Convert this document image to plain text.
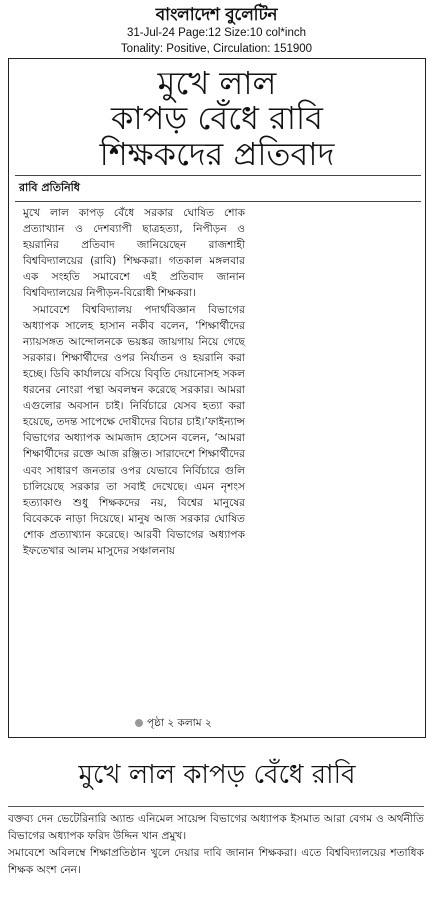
বাংলাদেশ বুলেটিন
31-Jul-24 Page:12 Size:10 col*inch
Tonality: Positive, Circulation: 151900
মুখে লাল
কাপড় বেঁধে রাবি
শিক্ষকদের প্রতিবাদ
রাবি প্রতিনিধি

মুখে লাল কাপড় বেঁধে সরকার ঘোষিত শোক প্রত্যাখ্যান ও দেশব্যাপী ছাত্রহত্যা, নিপীড়ন ও হয়রানির প্রতিবাদ জানিয়েছেন রাজশাহী বিশ্ববিদ্যালয়ের (রাবি) শিক্ষকরা। গতকাল মঙ্গলবার এক সংহতি সমাবেশে এই প্রতিবাদ জানান বিশ্ববিদ্যালয়ের নিপীড়ন-বিরোধী শিক্ষকরা।

সমাবেশে বিশ্ববিদ্যালয় পদার্থবিজ্ঞান বিভাগের অধ্যাপক সালেহ হাসান নকীব বলেন, ‘শিক্ষার্থীদের ন্যায়সঙ্গত আন্দোলনকে ভয়ঙ্কর জায়গায় নিয়ে গেছে সরকার। শিক্ষার্থীদের ওপর নির্যাতন ও হয়রানি করা হচ্ছে। ডিবি কার্যালয়ে বসিয়ে বিবৃতি দেয়ানোসহ সকল ধরনের নোংরা পন্থা অবলম্বন করেছে সরকার। আমরা এগুলোর অবসান চাই। নির্বিচারে যেসব হত্যা করা হয়েছে, তদন্ত সাপেক্ষে দোষীদের বিচার চাই।’ফাইন্যান্স বিভাগের অধ্যাপক আমজাদ হোসেন বলেন, ‘আমরা শিক্ষার্থীদের রক্তে আজ রঞ্জিত। সারাদেশে শিক্ষার্থীদের এবং সাধারণ জনতার ওপর যেভাবে নির্বিচারে গুলি চালিয়েছে সরকার তা সবাই দেখেছে। এমন নৃশংস হত্যাকাণ্ড শুধু শিক্ষকদের নয়, বিশ্বের মানুষের বিবেককে নাড়া দিয়েছে। মানুষ আজ সরকার ঘোষিত শোক প্রত্যাখ্যান করেছে। আরবী বিভাগের অধ্যাপক ইফতেখার আলম মাসুদের সঞ্চালনায়

পৃষ্ঠা ২ কলাম ২
মুখে লাল কাপড় বেঁধে রাবি

বক্তব্য দেন ভেটেরিনারি অ্যান্ড এনিমেল সায়েন্স বিভাগের অধ্যাপক ইসমাত আরা বেগম ও অর্থনীতি বিভাগের অধ্যাপক ফরিদ উদ্দিন খান প্রমুখ।

সমাবেশে অবিলম্বে শিক্ষাপ্রতিষ্ঠান খুলে দেয়ার দাবি জানান শিক্ষকরা। এতে বিশ্ববিদ্যালয়ের শতাধিক শিক্ষক অংশ নেন।
